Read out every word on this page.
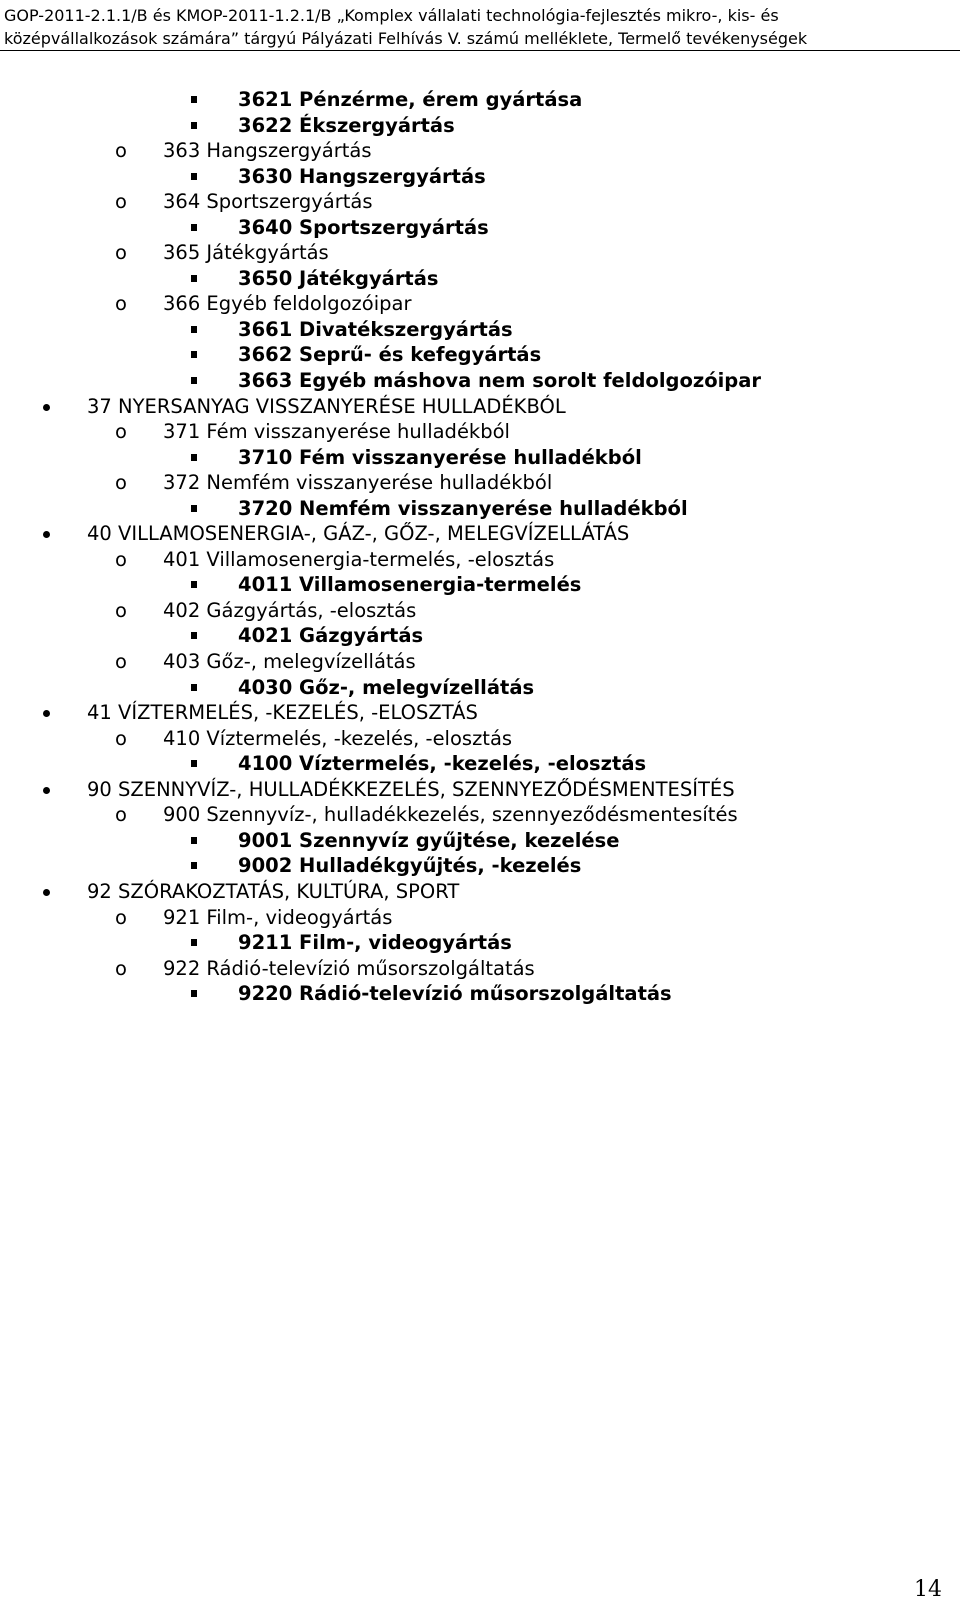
GOP-2011-2.1.1/B és KMOP-2011-1.2.1/B „Komplex vállalati technológia-fejlesztés mikro-, kis- és
középvállalkozások számára” tárgyú Pályázati Felhívás V. számú melléklete, Termelő tevékenységek
3621 Pénzérme, érem gyártása
3622 Ékszergyártás
o 363 Hangszergyártás
3630 Hangszergyártás
o 364 Sportszergyártás
3640 Sportszergyártás
o 365 Játékgyártás
3650 Játékgyártás
o 366 Egyéb feldolgozóipar
3661 Divatékszergyártás
3662 Seprű- és kefegyártás
3663 Egyéb máshova nem sorolt feldolgozóipar
37 NYERSANYAG VISSZANYERÉSE HULLADÉKBÓL
o 371 Fém visszanyerése hulladékból
3710 Fém visszanyerése hulladékból
o 372 Nemfém visszanyerése hulladékból
3720 Nemfém visszanyerése hulladékból
40 VILLAMOSENERGIA-, GÁZ-, GŐZ-, MELEGVÍZELLÁTÁS
o 401 Villamosenergia-termelés, -elosztás
4011 Villamosenergia-termelés
o 402 Gázgyártás, -elosztás
4021 Gázgyártás
o 403 Gőz-, melegvízellátás
4030 Gőz-, melegvízellátás
41 VÍZTERMELÉS, -KEZELÉS, -ELOSZTÁS
o 410 Víztermelés, -kezelés, -elosztás
4100 Víztermelés, -kezelés, -elosztás
90 SZENNYVÍZ-, HULLADÉKKEZELÉS, SZENNYEZŐDÉSMENTESÍTÉS
o 900 Szennyvíz-, hulladékkezelés, szennyeződésmentesítés
9001 Szennyvíz gyűjtése, kezelése
9002 Hulladékgyűjtés, -kezelés
92 SZÓRAKOZTATÁS, KULTÚRA, SPORT
o 921 Film-, videogyártás
9211 Film-, videogyártás
o 922 Rádió-televízió műsorszolgáltatás
9220 Rádió-televízió műsorszolgáltatás
14
